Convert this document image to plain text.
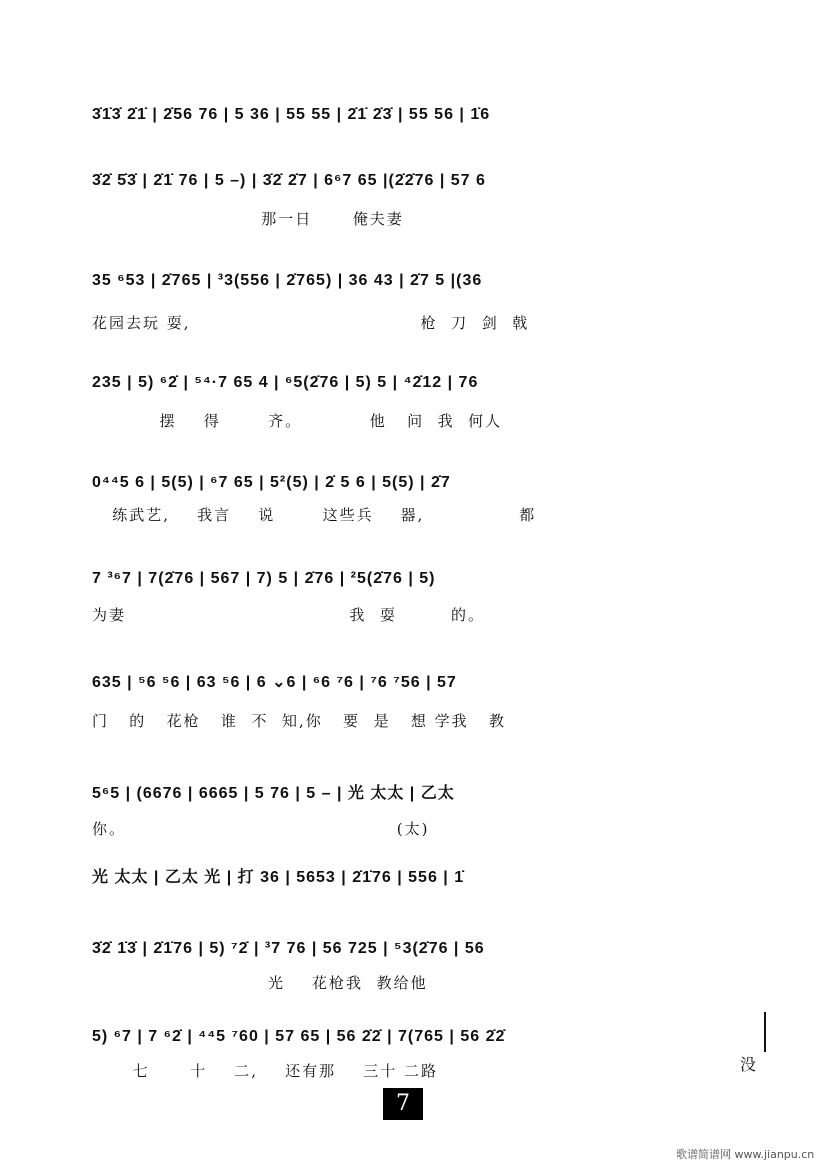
3̇1̇3̇ 2̇1̇ | 2̇56 76 | 5 36 | 55 55 | 2̇1̇ 2̇3̇ | 55 56 | 1̇6
3̇2̇ 5̇3̇ | 2̇1̇ 76 | 5 –) | 3̇2̇ 2̇7 | 6⁶7 65 |(2̇2̇76 | 57 6
那一日      俺夫妻
35 ⁶53 | 2̇765 | ³3(556 | 2̇765) | 36 43 | 2̇7 5 |(36
花园去玩 耍,                                  枪  刀  剑  戟
235 | 5) ⁶2̇ | ⁵⁴·7 65 4 | ⁶5(2̇76 | 5) 5 | ⁴2̇12 | 76
摆    得       齐。          他   问  我  何人
0⁴⁴5 6 | 5(5) | ⁶7 65 | 5²(5) | 2̇ 5 6 | 5(5) | 2̇7
练武艺,    我言    说       这些兵    器,              都
7 ³⁶7 | 7(2̇76 | 567 | 7) 5 | 2̇76 | ²5(2̇76 | 5)
为妻                                 我  耍        的。
635 | ⁵6 ⁵6 | 63 ⁵6 | 6 ⌄6 | ⁶6 ⁷6 | ⁷6 ⁷56 | 57
门   的   花枪   谁  不  知,你   要  是   想 学我   教
5⁶5 | (6676 | 6665 | 5 76 | 5 – | 光 太太 | 乙太
你。                                        (太)
光 太太 | 乙太 光 | 打 36 | 5653 | 2̇1̇76 | 556 | 1̇
3̇2̇ 1̇3̇ | 2̇1̇76 | 5) ⁷2̇ | ³7 76 | 56 725 | ⁵3(2̇76 | 56
光    花枪我  教给他
5) ⁶7 | 7 ⁶2̇ | ⁴⁴5 ⁷60 | 57 65 | 56 2̇2̇ | 7(765 | 56 2̇2̇
七      十    二,    还有那    三十 二路	没
7
歌谱简谱网 www.jianpu.cn
